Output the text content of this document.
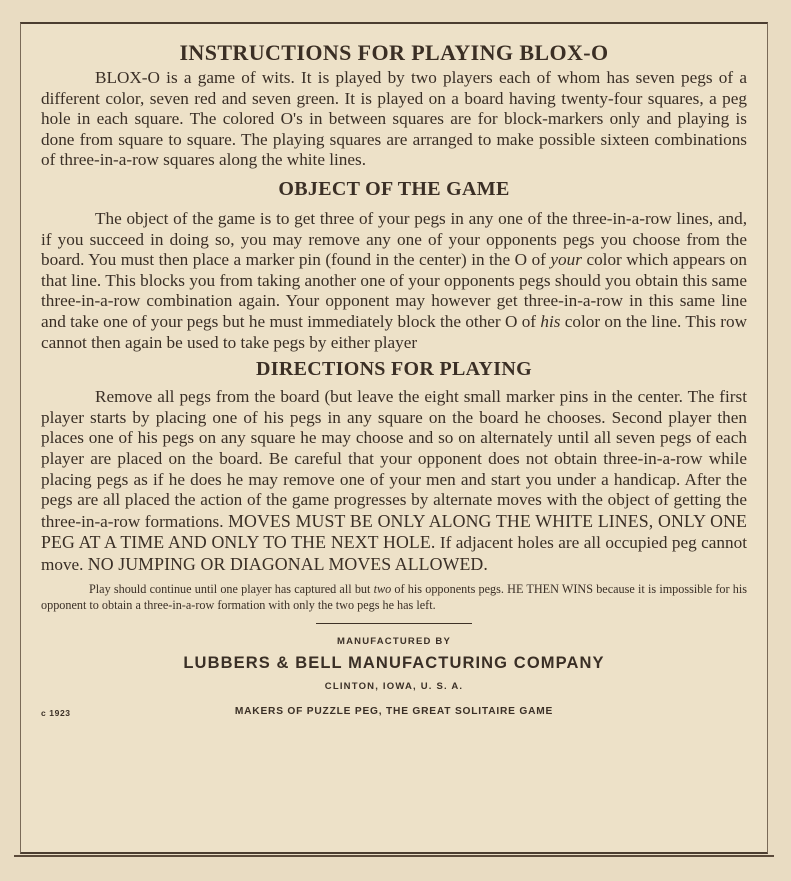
INSTRUCTIONS FOR PLAYING BLOX-O

BLOX-O is a game of wits. It is played by two players each of whom has seven pegs of a different color, seven red and seven green. It is played on a board having twenty-four squares, a peg hole in each square. The colored O's in between squares are for block-markers only and playing is done from square to square. The playing squares are arranged to make possible sixteen combinations of three-in-a-row squares along the white lines.

OBJECT OF THE GAME

The object of the game is to get three of your pegs in any one of the three-in-a-row lines, and, if you succeed in doing so, you may remove any one of your opponents pegs you choose from the board. You must then place a marker pin (found in the center) in the O of your color which appears on that line. This blocks you from taking another one of your opponents pegs should you obtain this same three-in-a-row combination again. Your opponent may however get three-in-a-row in this same line and take one of your pegs but he must immediately block the other O of his color on the line. This row cannot then again be used to take pegs by either player

DIRECTIONS FOR PLAYING

Remove all pegs from the board (but leave the eight small marker pins in the center. The first player starts by placing one of his pegs in any square on the board he chooses. Second player then places one of his pegs on any square he may choose and so on alternately until all seven pegs of each player are placed on the board. Be careful that your opponent does not obtain three-in-a-row while placing pegs as if he does he may remove one of your men and start you under a handicap. After the pegs are all placed the action of the game progresses by alternate moves with the object of getting the three-in-a-row formations. MOVES MUST BE ONLY ALONG THE WHITE LINES, ONLY ONE PEG AT A TIME AND ONLY TO THE NEXT HOLE. If adjacent holes are all occupied peg cannot move. NO JUMPING OR DIAGONAL MOVES ALLOWED.

Play should continue until one player has captured all but two of his opponents pegs. HE THEN WINS because it is impossible for his opponent to obtain a three-in-a-row formation with only the two pegs he has left.

MANUFACTURED BY
LUBBERS & BELL MANUFACTURING COMPANY
CLINTON, IOWA, U. S. A.
c 1923	MAKERS OF PUZZLE PEG, THE GREAT SOLITAIRE GAME
